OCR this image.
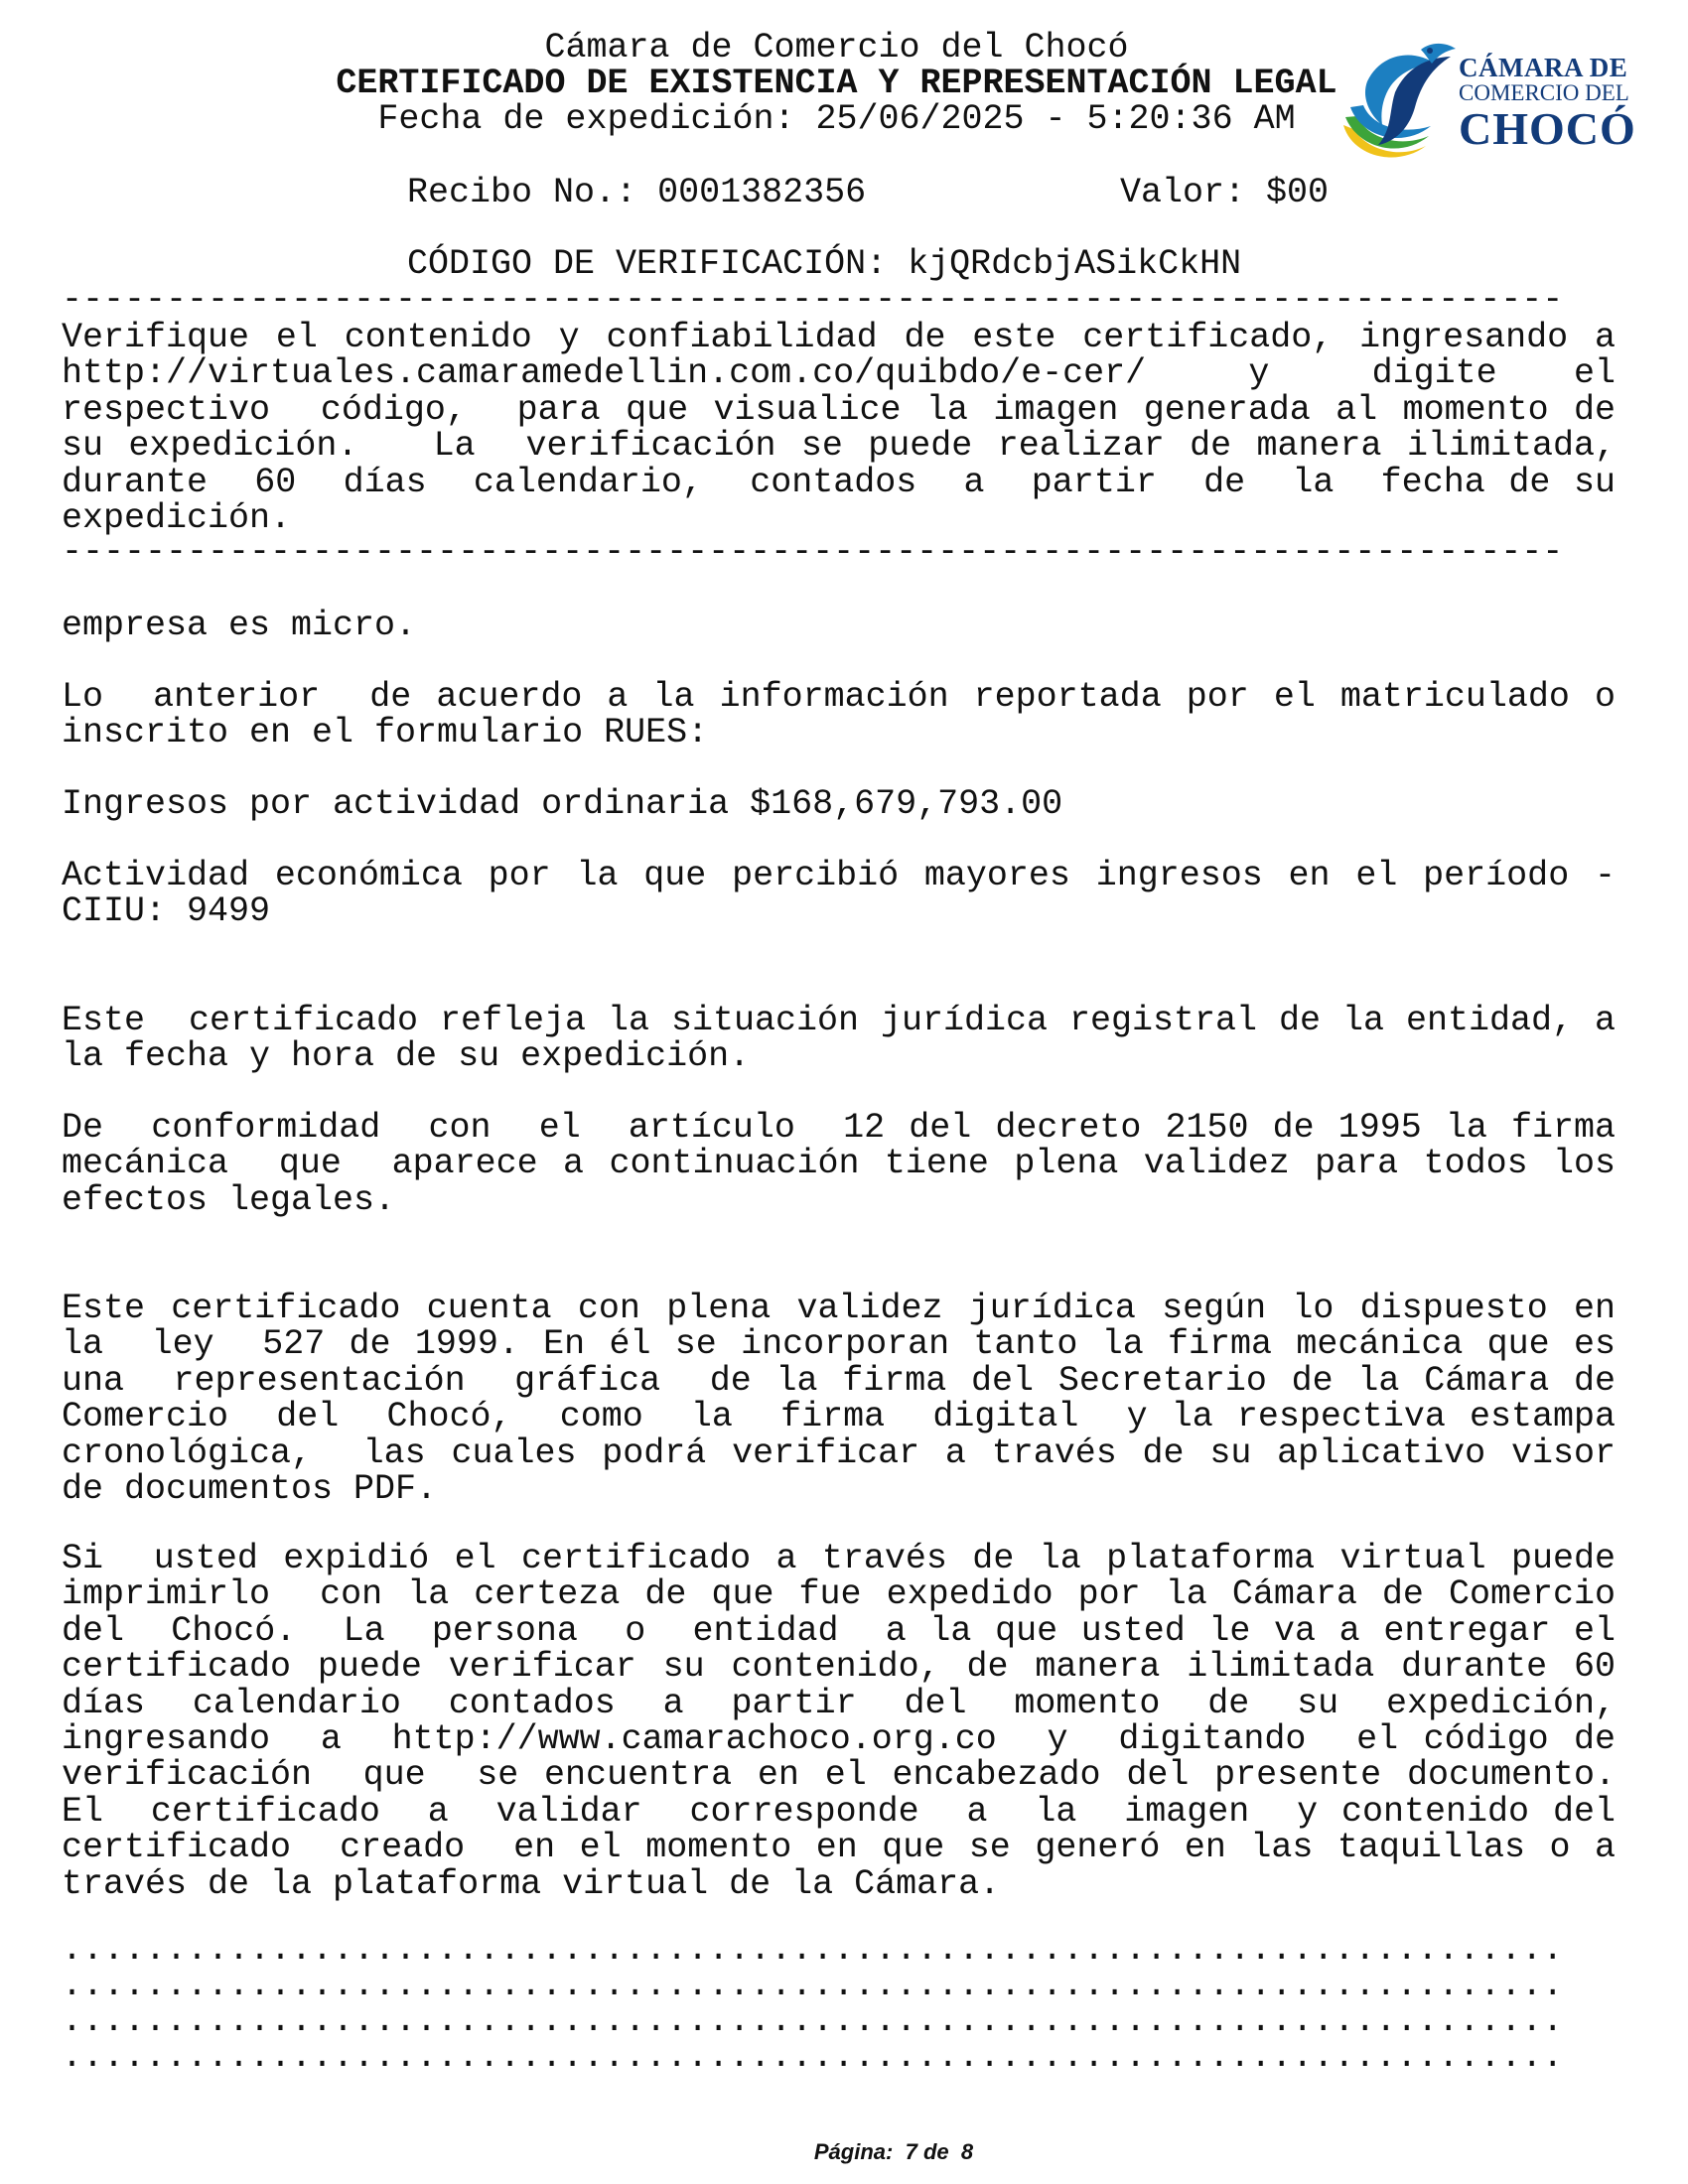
Cámara de Comercio del Chocó
CERTIFICADO DE EXISTENCIA Y REPRESENTACIÓN LEGAL
Fecha de expedición: 25/06/2025 - 5:20:36 AM
CÁMARA DE
COMERCIO DEL
CHOCÓ
Recibo No.: 0001382356	Valor: $00
CÓDIGO DE VERIFICACIÓN: kjQRdcbjASikCkHN
------------------------------------------------------------------------
Verifique el contenido y confiabilidad de este certificado, ingresando a http://virtuales.camaramedellin.com.co/quibdo/e-cer/    y    digite   el respectivo  código,  para que visualice la imagen generada al momento de su expedición.   La  verificación se puede realizar de manera ilimitada, durante  60  días  calendario,  contados  a  partir  de  la  fecha de su expedición.
------------------------------------------------------------------------
empresa es micro.
Lo  anterior  de acuerdo a la información reportada por el matriculado o inscrito en el formulario RUES:
Ingresos por actividad ordinaria $168,679,793.00
Actividad económica por la que percibió mayores ingresos en el período - CIIU: 9499
Este  certificado refleja la situación jurídica registral de la entidad, a la fecha y hora de su expedición.
De  conformidad  con  el  artículo  12 del decreto 2150 de 1995 la firma mecánica  que  aparece a continuación tiene plena validez para todos los efectos legales.
Este certificado cuenta con plena validez jurídica según lo dispuesto en la  ley  527 de 1999. En él se incorporan tanto la firma mecánica que es una  representación  gráfica  de la firma del Secretario de la Cámara de Comercio  del  Chocó,  como  la  firma  digital  y la respectiva estampa cronológica,  las cuales podrá verificar a través de su aplicativo visor de documentos PDF.
Si  usted expidió el certificado a través de la plataforma virtual puede imprimirlo  con la certeza de que fue expedido por la Cámara de Comercio del  Chocó.  La  persona  o  entidad  a la que usted le va a entregar el certificado puede verificar su contenido, de manera ilimitada durante 60 días  calendario  contados  a  partir  del  momento  de  su  expedición, ingresando  a  http://www.camarachoco.org.co  y  digitando  el código de verificación  que  se encuentra en el encabezado del presente documento. El  certificado  a  validar  corresponde  a  la  imagen  y contenido del certificado  creado  en el momento en que se generó en las taquillas o a través de la plataforma virtual de la Cámara.
........................................................................
........................................................................
........................................................................
........................................................................
Página: 7 de 8
